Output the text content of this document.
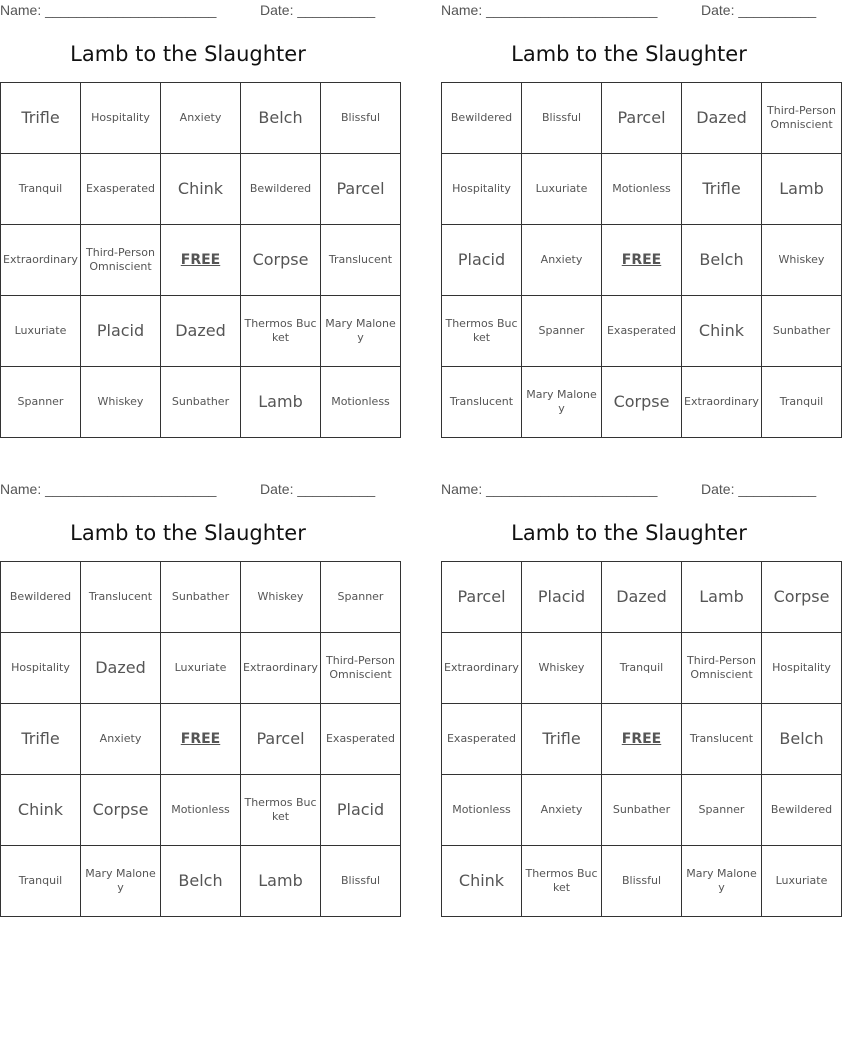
Name: ______________________	Date: __________
Lamb to the Slaughter
Trifle	Hospitality	Anxiety	Belch	Blissful
Tranquil	Exasperated	Chink	Bewildered	Parcel
Extraordinary	Third-Person Omniscient	FREE	Corpse	Translucent
Luxuriate	Placid	Dazed	Thermos Bucket	Mary Maloney
Spanner	Whiskey	Sunbather	Lamb	Motionless
Name: ______________________	Date: __________
Lamb to the Slaughter
Bewildered	Blissful	Parcel	Dazed	Third-Person Omniscient
Hospitality	Luxuriate	Motionless	Trifle	Lamb
Placid	Anxiety	FREE	Belch	Whiskey
Thermos Bucket	Spanner	Exasperated	Chink	Sunbather
Translucent	Mary Maloney	Corpse	Extraordinary	Tranquil
Name: ______________________	Date: __________
Lamb to the Slaughter
Bewildered	Translucent	Sunbather	Whiskey	Spanner
Hospitality	Dazed	Luxuriate	Extraordinary	Third-Person Omniscient
Trifle	Anxiety	FREE	Parcel	Exasperated
Chink	Corpse	Motionless	Thermos Bucket	Placid
Tranquil	Mary Maloney	Belch	Lamb	Blissful
Name: ______________________	Date: __________
Lamb to the Slaughter
Parcel	Placid	Dazed	Lamb	Corpse
Extraordinary	Whiskey	Tranquil	Third-Person Omniscient	Hospitality
Exasperated	Trifle	FREE	Translucent	Belch
Motionless	Anxiety	Sunbather	Spanner	Bewildered
Chink	Thermos Bucket	Blissful	Mary Maloney	Luxuriate
